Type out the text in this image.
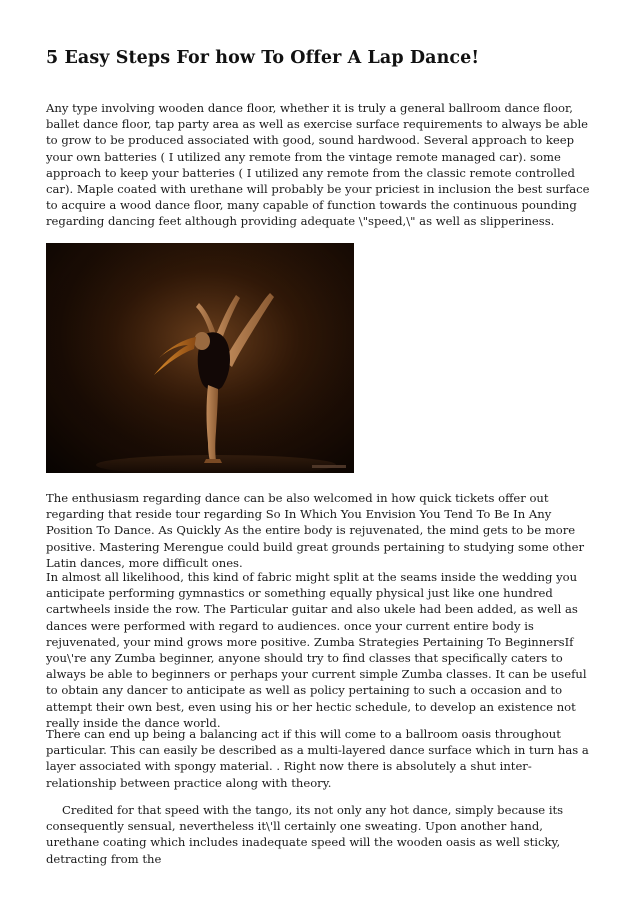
5 Easy Steps For how To Offer A Lap Dance!

Any type involving wooden dance floor, whether it is truly a general ballroom dance floor, ballet dance floor, tap party area as well as exercise surface requirements to always be able to grow to be produced associated with good, sound hardwood. Several approach to keep your own batteries ( I utilized any remote from the vintage remote managed car). some approach to keep your batteries ( I utilized any remote from the classic remote controlled car). Maple coated with urethane will probably be your priciest in inclusion the best surface to acquire a wood dance floor, many capable of function towards the continuous pounding regarding dancing feet although providing adequate \"speed,\" as well as slipperiness.

The enthusiasm regarding dance can be also welcomed in how quick tickets offer out regarding that reside tour regarding So In Which You Envision You Tend To Be In Any Position To Dance. As Quickly As the entire body is rejuvenated, the mind gets to be more positive. Mastering Merengue could build great grounds pertaining to studying some other Latin dances, more difficult ones.

In almost all likelihood, this kind of fabric might split at the seams inside the wedding you anticipate performing gymnastics or something equally physical just like one hundred cartwheels inside the row. The Particular guitar and also ukele had been added, as well as dances were performed with regard to audiences. once your current entire body is rejuvenated, your mind grows more positive. Zumba Strategies Pertaining To BeginnersIf you\'re any Zumba beginner, anyone should try to find classes that specifically caters to always be able to beginners or perhaps your current simple Zumba classes. It can be useful to obtain any dancer to anticipate as well as policy pertaining to such a occasion and to attempt their own best, even using his or her hectic schedule, to develop an existence not really inside the dance world.

There can end up being a balancing act if this will come to a ballroom oasis throughout particular. This can easily be described as a multi-layered dance surface which in turn has a layer associated with spongy material. . Right now there is absolutely a shut inter-relationship between practice along with theory.

Credited for that speed with the tango, its not only any hot dance, simply because its consequently sensual, nevertheless it\'ll certainly one sweating. Upon another hand, urethane coating which includes inadequate speed will the wooden oasis as well sticky, detracting from the
